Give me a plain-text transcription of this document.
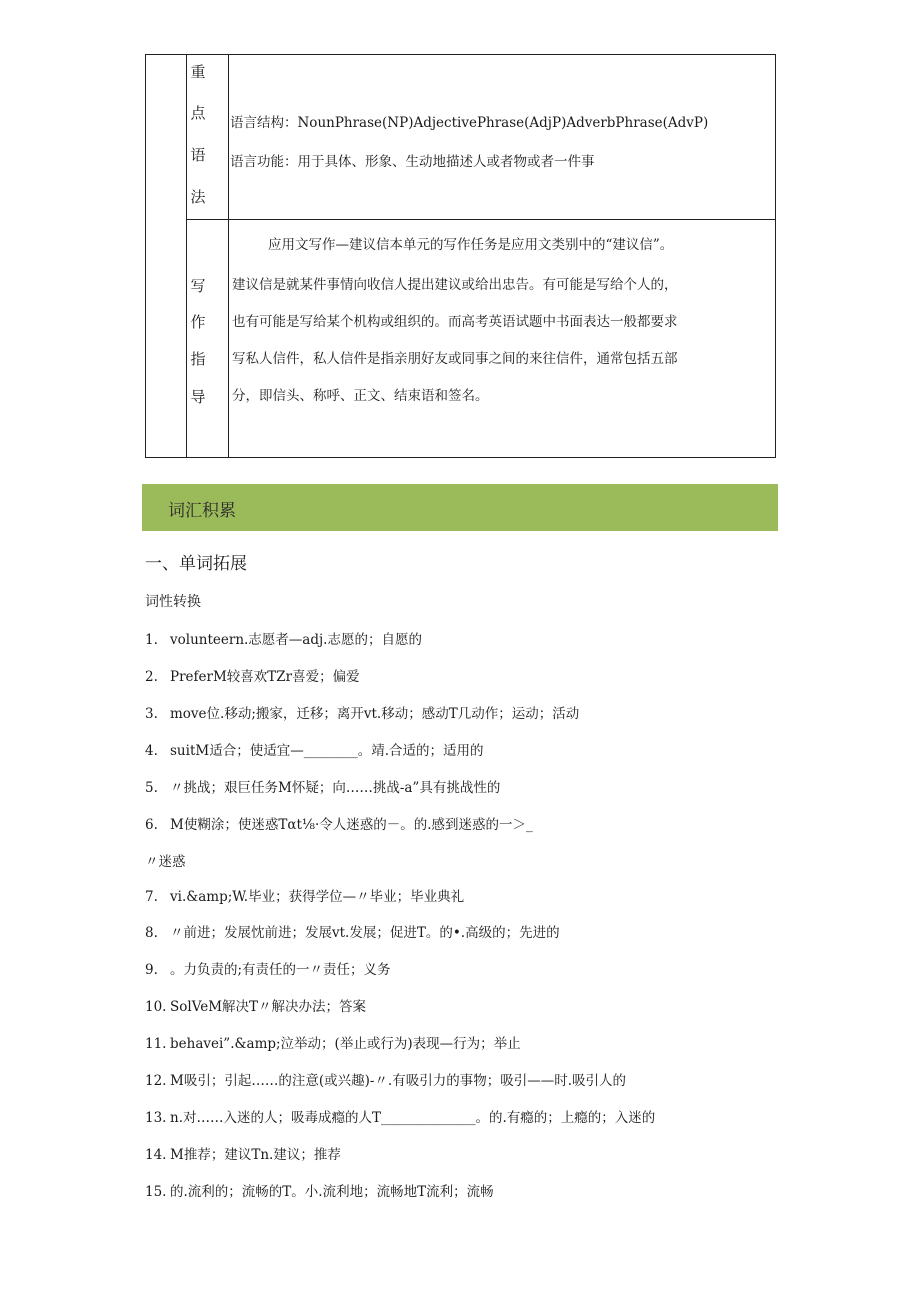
重
点
语
法
语言结构：NounPhrase(NP)AdjectivePhrase(AdjP)AdverbPhrase(AdvP)
语言功能：用于具体、形象、生动地描述人或者物或者一件事
写
作
指
导
应用文写作—建议信本单元的写作任务是应用文类别中的“建议信”。
建议信是就某件事情向收信人提出建议或给出忠告。有可能是写给个人的，
也有可能是写给某个机构或组织的。而高考英语试题中书面表达一般都要求
写私人信件，私人信件是指亲朋好友或同事之间的来往信件，通常包括五部
分，即信头、称呼、正文、结束语和签名。
词汇积累
一、单词拓展
词性转换
1. volunteern.志愿者—adj.志愿的；自愿的
2. PreferM较喜欢TZr喜爱；偏爱
3. move位.移动;搬家，迁移；离开vt.移动；感动T几动作；运动；活动
4. suitM适合；使适宜—________。靖.合适的；适用的
5. 〃挑战；艰巨任务M怀疑；向……挑战-a”具有挑战性的
6. M使糊涂；使迷惑Tαt⅛·令人迷惑的－。的.感到迷惑的一＞_
〃迷惑
7. vi.&amp;W.毕业；获得学位—〃毕业；毕业典礼
8. 〃前进；发展忱前进；发展vt.发展；促进T。的•.高级的；先进的
9. 。力负责的;有责任的一〃责任；义务
10. SolVeM解决T〃解决办法；答案
11. behavei”.&amp;泣举动；(举止或行为)表现—行为；举止
12. M吸引；引起……的注意(或兴趣)-〃.有吸引力的事物；吸引——时.吸引人的
13. n.对……入迷的人；吸毒成瘾的人T______________。的.有瘾的；上瘾的；入迷的
14. M推荐；建议Tn.建议；推荐
15. 的.流利的；流畅的T。小.流利地；流畅地T流利；流畅
